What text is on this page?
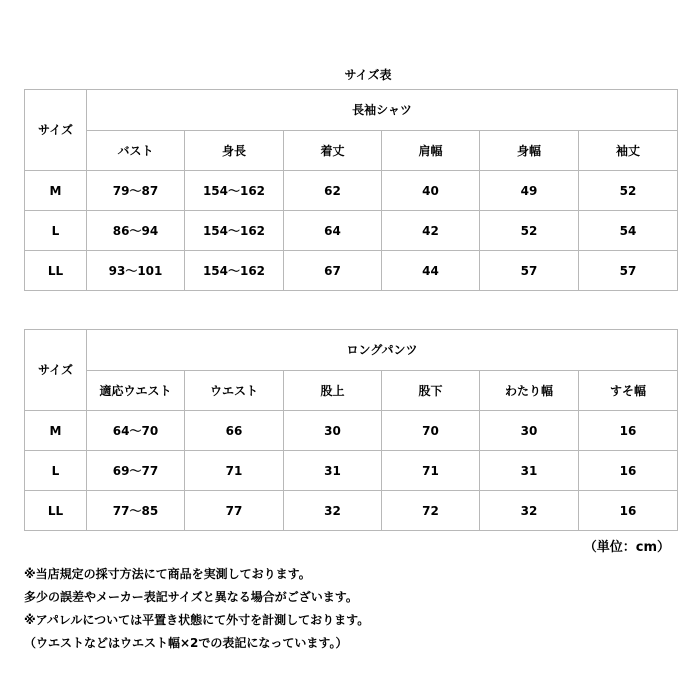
サイズ表
サイズ	長袖シャツ					
	バスト	身長	着丈	肩幅	身幅	袖丈
M	79～87	154～162	62	40	49	52
L	86～94	154～162	64	42	52	54
LL	93～101	154～162	67	44	57	57
サイズ	ロングパンツ					
	適応ウエスト	ウエスト	股上	股下	わたり幅	すそ幅
M	64～70	66	30	70	30	16
L	69～77	71	31	71	31	16
LL	77～85	77	32	72	32	16
（単位：cm）
※当店規定の採寸方法にて商品を実測しております。
多少の誤差やメーカー表記サイズと異なる場合がございます。
※アパレルについては平置き状態にて外寸を計測しております。
（ウエストなどはウエスト幅×2での表記になっています。）
